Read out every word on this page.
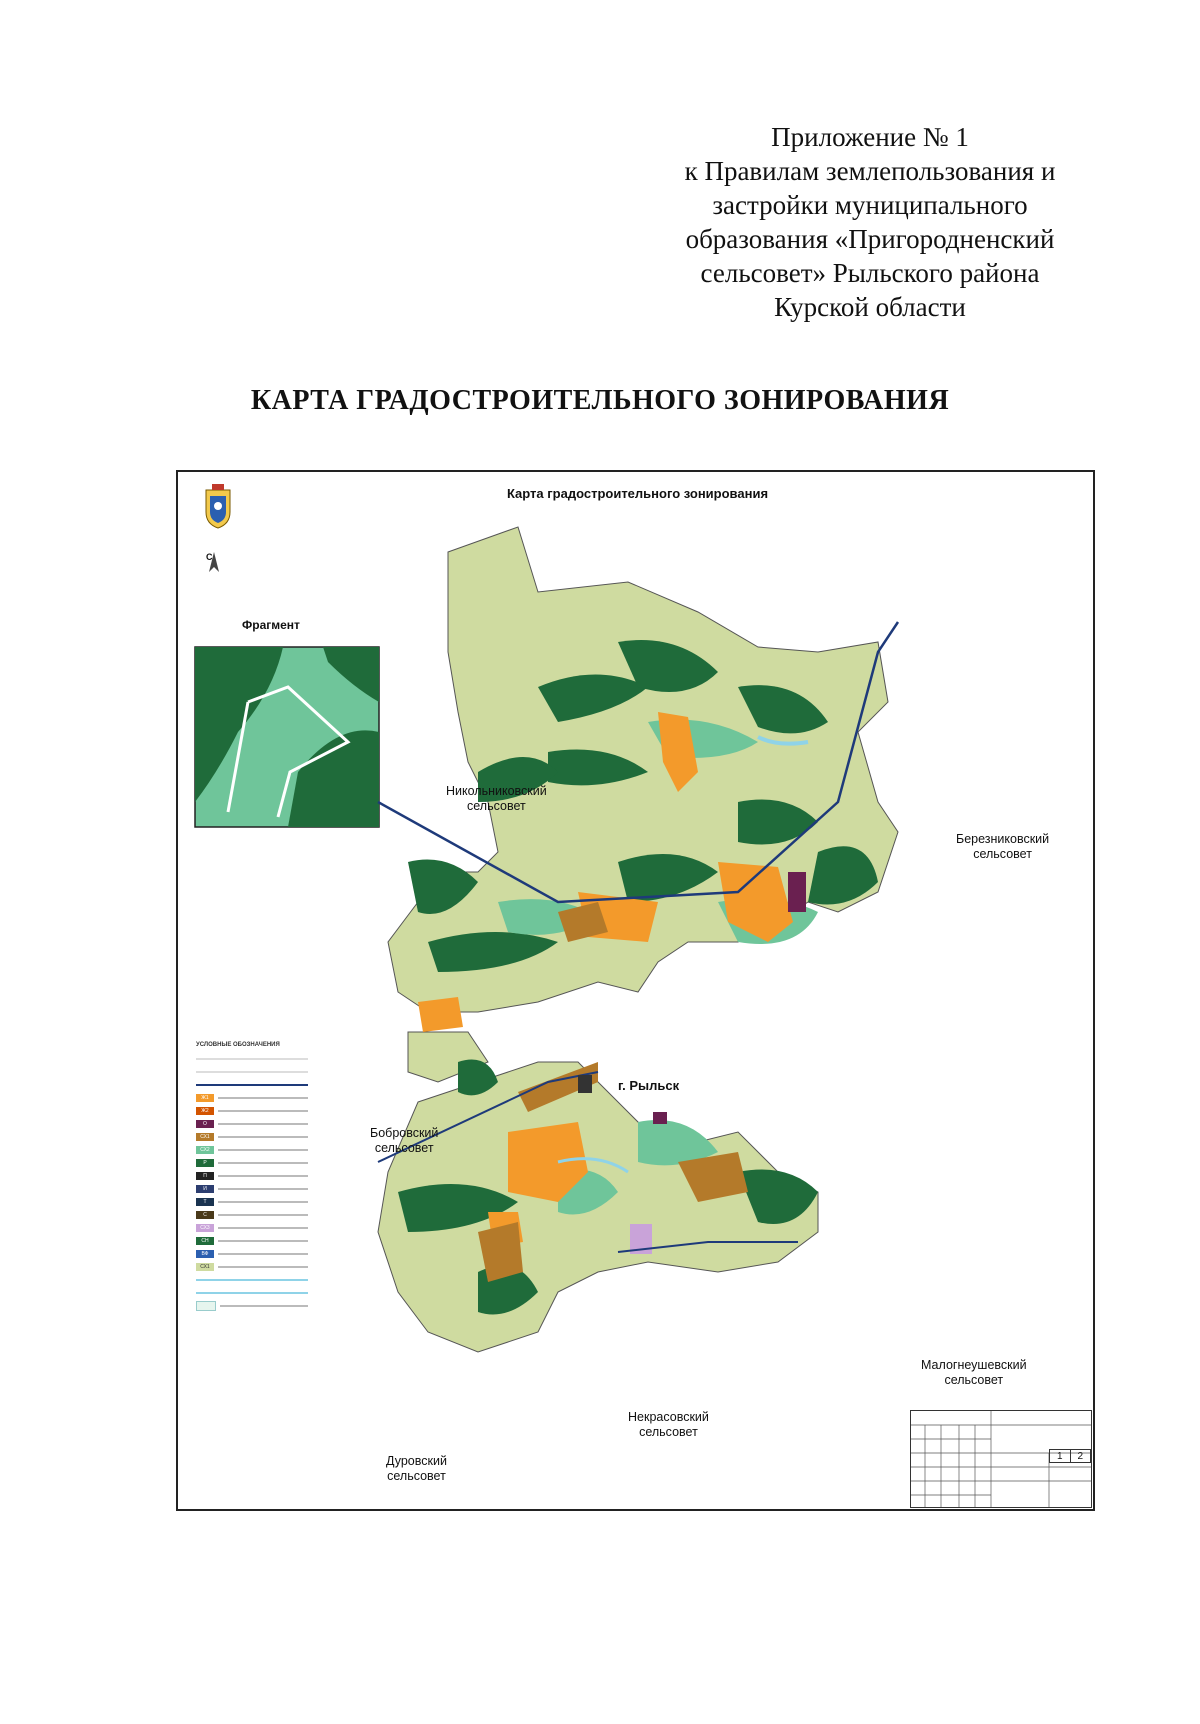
Приложение № 1
к Правилам землепользования и
застройки муниципального
образования «Пригородненский
сельсовет» Рыльского района
Курской области
КАРТА ГРАДОСТРОИТЕЛЬНОГО ЗОНИРОВАНИЯ
С
Карта градостроительного зонирования
Фрагмент
Никольниковский
сельсовет
Березниковский
сельсовет
Бобровский
сельсовет
Малогнеушевский
сельсовет
Некрасовский
сельсовет
Дуровский
сельсовет
г. Рыльск
УСЛОВНЫЕ ОБОЗНАЧЕНИЯ
Ж1
Ж2
О
СХ1
СХ2
Р
П
И
Т
С
СХ3
СН
ВФ
СХ1
1	2
